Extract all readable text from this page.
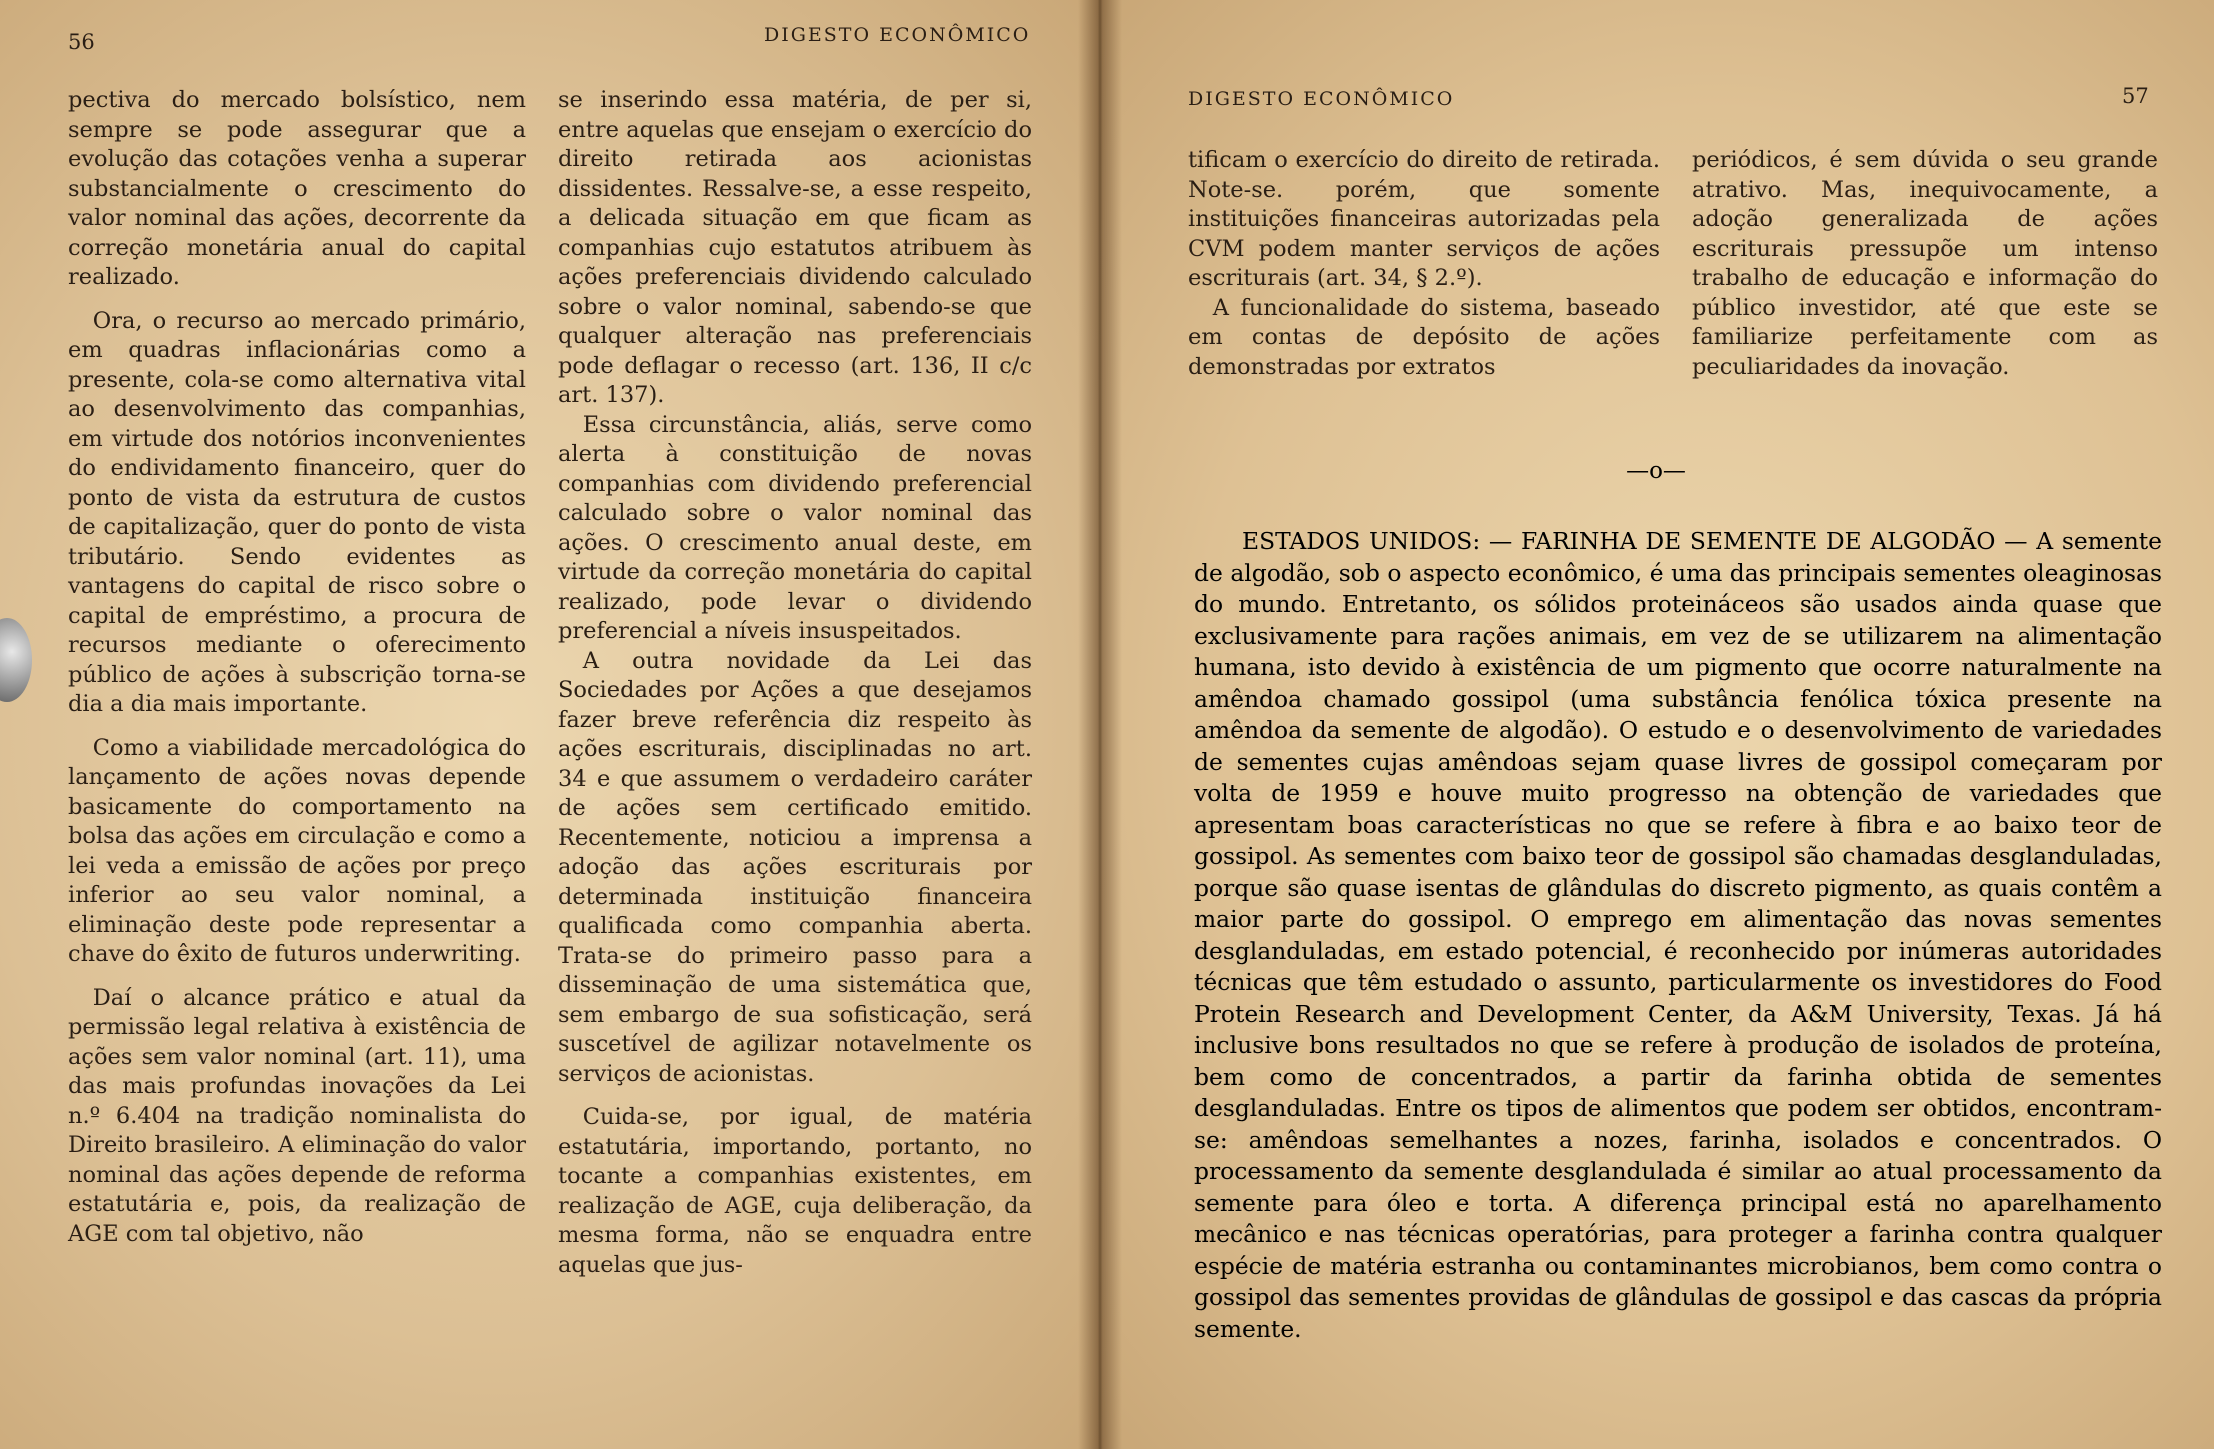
56	DIGESTO ECONÔMICO

pectiva do mercado bolsístico, nem sempre se pode assegurar que a evolução das cotações venha a superar substancialmente o crescimento do valor nominal das ações, decorrente da correção monetária anual do capital realizado.

Ora, o recurso ao mercado primário, em quadras inflacionárias como a presente, cola-se como alternativa vital ao desenvolvimento das companhias, em virtude dos notórios inconvenientes do endividamento financeiro, quer do ponto de vista da estrutura de custos de capitalização, quer do ponto de vista tributário. Sendo evidentes as vantagens do capital de risco sobre o capital de empréstimo, a procura de recursos mediante o oferecimento público de ações à subscrição torna-se dia a dia mais importante.

Como a viabilidade mercadológica do lançamento de ações novas depende basicamente do comportamento na bolsa das ações em circulação e como a lei veda a emissão de ações por preço inferior ao seu valor nominal, a eliminação deste pode representar a chave do êxito de futuros underwriting.

Daí o alcance prático e atual da permissão legal relativa à existência de ações sem valor nominal (art. 11), uma das mais profundas inovações da Lei n.º 6.404 na tradição nominalista do Direito brasileiro. A eliminação do valor nominal das ações depende de reforma estatutária e, pois, da realização de AGE com tal objetivo, não

se inserindo essa matéria, de per si, entre aquelas que ensejam o exercício do direito retirada aos acionistas dissidentes. Ressalve-se, a esse respeito, a delicada situação em que ficam as companhias cujo estatutos atribuem às ações preferenciais dividendo calculado sobre o valor nominal, sabendo-se que qualquer alteração nas preferenciais pode deflagar o recesso (art. 136, II c/c art. 137).

Essa circunstância, aliás, serve como alerta à constituição de novas companhias com dividendo preferencial calculado sobre o valor nominal das ações. O crescimento anual deste, em virtude da correção monetária do capital realizado, pode levar o dividendo preferencial a níveis insuspeitados.

A outra novidade da Lei das Sociedades por Ações a que desejamos fazer breve referência diz respeito às ações escriturais, disciplinadas no art. 34 e que assumem o verdadeiro caráter de ações sem certificado emitido. Recentemente, noticiou a imprensa a adoção das ações escriturais por determinada instituição financeira qualificada como companhia aberta. Trata-se do primeiro passo para a disseminação de uma sistemática que, sem embargo de sua sofisticação, será suscetível de agilizar notavelmente os serviços de acionistas.

Cuida-se, por igual, de matéria estatutária, importando, portanto, no tocante a companhias existentes, em realização de AGE, cuja deliberação, da mesma forma, não se enquadra entre aquelas que jus-

DIGESTO ECONÔMICO	57

tificam o exercício do direito de retirada. Note-se. porém, que somente instituições financeiras autorizadas pela CVM podem manter serviços de ações escriturais (art. 34, § 2.º).

A funcionalidade do sistema, baseado em contas de depósito de ações demonstradas por extratos

periódicos, é sem dúvida o seu grande atrativo. Mas, inequivocamente, a adoção generalizada de ações escriturais pressupõe um intenso trabalho de educação e informação do público investidor, até que este se familiarize perfeitamente com as peculiaridades da inovação.

—o—
ESTADOS UNIDOS: — FARINHA DE SEMENTE DE ALGODÃO — A semente de algodão, sob o aspecto econômico, é uma das principais sementes oleaginosas do mundo. Entretanto, os sólidos proteináceos são usados ainda quase que exclusivamente para rações animais, em vez de se utilizarem na alimentação humana, isto devido à existência de um pigmento que ocorre naturalmente na amêndoa chamado gossipol (uma substância fenólica tóxica presente na amêndoa da semente de algodão). O estudo e o desenvolvimento de variedades de sementes cujas amêndoas sejam quase livres de gossipol começaram por volta de 1959 e houve muito progresso na obtenção de variedades que apresentam boas características no que se refere à fibra e ao baixo teor de gossipol. As sementes com baixo teor de gossipol são chamadas desglanduladas, porque são quase isentas de glândulas do discreto pigmento, as quais contêm a maior parte do gossipol. O emprego em alimentação das novas sementes desglanduladas, em estado potencial, é reconhecido por inúmeras autoridades técnicas que têm estudado o assunto, particularmente os investidores do Food Protein Research and Development Center, da A&M University, Texas. Já há inclusive bons resultados no que se refere à produção de isolados de proteína, bem como de concentrados, a partir da farinha obtida de sementes desglanduladas. Entre os tipos de alimentos que podem ser obtidos, encontram-se: amêndoas semelhantes a nozes, farinha, isolados e concentrados. O processamento da semente desglandulada é similar ao atual processamento da semente para óleo e torta. A diferença principal está no aparelhamento mecânico e nas técnicas operatórias, para proteger a farinha contra qualquer espécie de matéria estranha ou contaminantes microbianos, bem como contra o gossipol das sementes providas de glândulas de gossipol e das cascas da própria semente.
